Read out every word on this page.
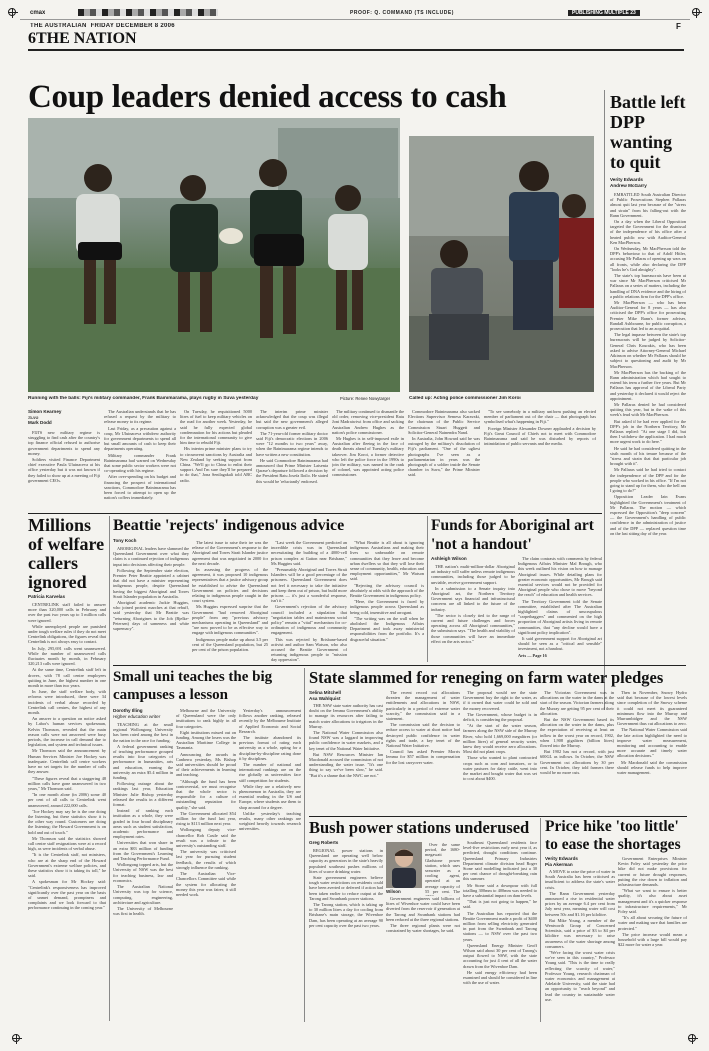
cmax	PROOF: Q. COMMAND (TS INCLUDE)	PUBLISHING MULTIPLE 23
THE AUSTRALIAN FRIDAY DECEMBER 8 2006	F
6THE NATION
Coup leaders denied access to cash
Running with the balls: Fiji's military commander, Frank Bainimarama, plays rugby in Suva yesterday	Picture: Renee Nowytarger	Called up: Acting police commissioner Jim Koroi
Simon Kearney
Suva
Mark Dodd

FIJI'S new military regime is struggling to find cash after the country's top finance official refused to authorise government departments to spend any money.

Soldiers visited Finance Department chief executive Paula Uluinaceva at his office yesterday but it was not known if they failed to show up at a meeting of Fiji government CEOs.

The Australian understands that he has refused a request by the military to release money to its regime.

Last Friday, as a precaution against a coup, Mr Uluinaceva withdrew authority for government departments to spend all but small amounts of cash to keep their departments operating.

Military commander Frank Bainimarama had warned on Wednesday that some public sector workers were not co-operating with his regime.

After over-spending on his budget and financing the prospect of international sanctions, Commodore Bainimarama has been forced to attempt to open up the nation's coffers immediately.

On Tuesday, he requisitioned 5000 litres of fuel to keep military vehicles on the road for another week. Yesterday, he said he fully expected global condemnation for his actions but pleaded for the international community to give him time to rebuild Fiji.

His interim prime minister plans to try to circumvent sanctions by Australia and New Zealand by seeking support from China. "We'll go to China to enlist their support. And I'm sure they'll be prepared to do that," Jona Senilagakali told ABC radio.

The interim prime minister acknowledged that the coup was illegal but said the new government's alleged corruption was a greater evil.

The 71-year-old former military doctor said Fiji's democratic elections in 2006 were "12 months to two years" away, when the Bainimarama regime intends to have written a new constitution.

He said Commodore Bainimarama had announced that Prime Minister Laisenia Qarase's departure followed a decision by the President Ratu Josefa Iloilo. He stated this would be 'reluctantly' endorsed.

The military continued to dismantle the old order, removing vice-president Ratu Joni Madraiwiwi from office and sacking Australian Andrew Hughes as the nation's police commissioner.

Mr Hughes is in self-imposed exile in Australian after fleeing in the face of death threats ahead of Tuesday's military takeover. Jim Koroi, a former detective who left the police force in the 1990s to join the military, was named in the rank of colonel, was appointed acting police commissioner.

Commodore Bainimarama also sacked Elections Supervisor Semesa Karavaki, the chairman of the Public Service Commission Stuart Huggett and Solicitor-General Nainendra Nand.

In Australia, John Howard said he was outraged by the military's dissolution of Fiji's parliament. "One of the ugliest photographs I've seen as a parliamentarian in years was the photograph of a soldier inside the Senate chamber in Suva," the Prime Minister said.

"To see somebody in a military uniform pushing an elected member of parliament out of the chair — that photograph has symbolised what's happening in Fiji."

Foreign Minister Alexander Downer applauded a decision by Fiji's Great Council of Chiefs not to meet with Commodore Bainimarama and said he was disturbed by reports of intimidation of public servants and the media.

Battle left DPP wanting to quit
Verity Edwards
Andrew McGarry

EMBATTLED South Australian Director of Public Prosecutions Stephen Pallaras almost quit last year because of the "stress and strain" from his falling-out with the Rann Government.

On a day when the Liberal Opposition targeted the Government for the dismissal of the independence of his office after a heated public row with Auditor-General Ken MacPherson.

On Wednesday, Mr MacPherson told the DPP's behaviour to that of Adolf Hitler, accusing Mr Pallaras of opening up wars on all fronts, while also declaring the DPP "looks he's God almighty".

The state's top bureaucrats have been at war since Mr MacPherson criticised Mr Pallaras on a series of matters, including the handling of DNA evidence and the hiring of a public relations firm for the DPP's office.

Mr MacPherson — who has been Auditor-General for 8 years — has also criticised the DPP's office for prosecuting Premier Mike Rann's former adviser, Randall Ashbourne, for public corruption, a prosecution that led to an acquittal.

The legal impasse between the state's top bureaucrats will be judged by Solicitor-General Chris Kourakis, who has been asked to advise Attorney-General Michael Atkinson on whether Mr Pallaras should be subject to questioning and audit by Mr MacPherson.

Mr MacPherson has the backing of the Rann administration which had sought to extend his term a further five years. But Mr Pallaras has approval of the Liberal Party and yesterday it declared it would reject the appointment.

Mr Pallaras denied he had considered quitting this year, but in the wake of this week's feud with Mr MacPherson.

But asked if he had ever applied for the DPP's job in the Northern Territory, Mr Pallaras replied: "At one stage I did, but then I withdrew the application. I had much more urgent work to do here."

He said he had considered quitting in the sixth month of his tenure because of the "stress and strain that that particular job brought with it".

Mr Pallaras said he had tried to contact the independence of the DPP and for the people who worked in his office. "If I'm not going to stand up for them, who the hell am I going to do?"

Opposition Leader Iain Evans highlighted the Government's treatment of Mr Pallaras. The motion — which expressed the Opposition's "deep concern" — the Government's handling of public confidence in the administration of justice and of the DPP — replaced question time on the last sitting day of the year.

Millions of welfare callers ignored
Patricia Karvelas

CENTRELINK staff failed to answer more than 320,000 calls in February and over the past two years up to 3 million calls were ignored.

While unemployed people are punished under tough welfare rules if they do not meet Centrelink obligations, the figures reveal that Centrelink is not always easy to contact.

In July, 295,691 calls went unanswered. While the number of unanswered calls fluctuates month by month, in February 320,213 calls were ignored.

At the same time, Centrelink staff left in droves, with 78 call centre employees quitting in June, the highest number in one month in more than two years.

In June, the staff welfare body, with reforms were introduced, there were 34 incidents of verbal abuse recorded by Centrelink call centres, the highest of any month.

An answer to a question on notice asked by Labor's human services spokesman, Kelvin Thomson, revealed that the main reason calls were not answered were busy periods, the increase in call demand due to legislation, and system and technical issues.

Mr Thomson said the announcement by Human Services Minister Joe Hockey was inadequate. Centrelink call centre workers have no set targets for the number of calls they answer.

"These figures reveal that a staggering 48 million calls have gone unanswered in two years," Mr Thomson said.

"In one month alone (in 2006) some 40 per cent of all calls to Centrelink went unanswered, around 222,000 calls.

"Joe Hockey may say he is the one doing the listening, but these statistics show it is the other way round. Customers are doing the listening; the Howard Government is on hold and out of touch."

Mr Thomson said the statistics showed call centre staff resignations were at a record high, as were incidents of verbal abuse.

"It is the Centrelink staff, not ministers, who are at the sharp end of the Howard Government's extreme welfare policies, and these statistics show it is taking its toll," he said.

A spokesman for Mr Hockey said: "Centrelink's responsiveness has improved significantly over the past year on the basis of unmet demand, promptness and complaints and we look forward to that performance continuing in the coming year."

Beattie 'rejects' indigenous advice
Tony Koch

ABORIGINAL leaders have slammed the Queensland Government over what they claim is a continued rejection of indigenous input into decisions affecting their people.

Following the September state election, Premier Peter Beattie appointed a cabinet that did not have a minister representing indigenous people, despite Queensland having the biggest Aboriginal and Torres Strait Islander population in Australia.

Aboriginal academic Jackie Huggins, who joined protest marches at that rebuff, said yesterday that Mr Beattie was "returning Aborigines to the Job (Bjelke-Petersen) days of sameness and white supremacy".

The latest issue to raise their ire was the release of the Government's response to the Aboriginal and Torres Strait Islander justice agreement that was negotiated in 2000 for the next decade.

In assessing the progress of the agreement, it was proposed 10 indigenous representatives that a justice advisory group be established to advise the Queensland Government on policies and decisions relating to indigenous people caught in the court system.

Ms Huggins expressed surprise that the Government "had removed Aboriginal people" from any "previous advisory mechanisms operating in Queensland" and "are now proved to be as effective way to engage with indigenous communities".

Indigenous people make up about 3.5 per cent of the Queensland population, but 25 per cent of the prison population.

"Last week the Government predicted an incredible crisis was in Queensland necessitating the building of a 4000-cell prison complex at Gatton near Brisbane," Ms Huggins said.

"Presumably Aboriginal and Torres Strait Islanders will be a good percentage of the prisoners. Queensland Government does not feel it necessary to take the initiative and keep them out of prison, but build more prisons — it's just a wonderful response, isn't it."

Government's rejection of the advisory council included a stipulation that "negotiation tables and mainstream social policy" remain a "vital" mechanism for co-ordination of indigenous and community engagement.

This was rejected by Brisbane-based activist and author Sam Watson, who also accused the Beattie Government of returning indigenous people to "mission day oppression".

"What Beattie is all about is ignoring indigenous Australians and making their lives so unbearable on remote communities that they leave and become urban dwellers so that they will lose their sense of community, health, education and employment opportunities," Mr Watson said.

"Rejecting the advisory council is absolutely at odds with the approach of the Beattie Government in indigenous policy.

"Here, the Government is faced by indigenous people across Queensland as being cold, insensitive and arrogant.

"The writing was on the wall when he abolished the Indigenous Affairs Department and took away ministerial responsibilities from the portfolio. It's a disgraceful situation."

Funds for Aboriginal art 'not a handout'
Ashleigh Wilson

THE nation's multi-million-dollar Aboriginal art industry will suffer unless remote indigenous communities, including those judged to be unviable, receive government support.

In a submission to a Senate inquiry into Aboriginal art, the Northern Territory Government says financial and infrastructural concerns are all linked to the future of the industry.

"The sector is closely tied to the range of current and future challenges and forces operating across all Aboriginal communities," the submission says. "The health and viability of those communities will have an immediate effect on the arts sector."

The claim contrasts with comments by federal Indigenous Affairs Minister Mal Brough, who this week outlined his vision on how to manage Aboriginal issues. While detailing plans for greater economic opportunities, Mr Brough said essential services would not be provided for Aboriginal people who chose to move "beyond the reach" of education and health services.

The Territory Government told the Senate committee, established after The Australian highlighted claims of unscrupulous "carpetbaggers" and commented on the high proportion of Aboriginal artists living in remote communities, that "any decline would have a significant policy implication".

It said government support for Aboriginal art should be seen as a "critical and sensible" investment, not a handout.

Arts — Page 16

Small uni teaches the big campuses a lesson
Dorothy Illing
Higher education writer

TEACHING at the small regional Wollongong University has been rated among the best in the nation in the race for funding.

A federal government ranking of teaching performance grouped results into four categories of performance in humanities, arts and education, earning the university an extra $5.4 million in funding.

Following outrage about the rankings last year, Education Minister Julie Bishop yesterday released the results in a different format.

Instead of ranking each institution as a whole, they were graded in four broad disciplinary areas such as student satisfaction, academic performance and employment rates.

Universities that won share in an extra $83 million of funding from the Government's Learning and Teaching Performance Fund.

Wollongong topped arts, but the University of NSW was the best for teaching business, law and economics.

The Australian National University was top for science, computing, engineering, architecture and agriculture.

The University of Melbourne was first in health.

Melbourne and the University of Queensland were the only institutions to rank highly in all four categories.

Eight institutions missed out on funding. Among the losers was the Australian Maritime College in Tasmania.

Announcing the awards in Canberra yesterday, Ms Bishop said universities should be proud of their achievements in learning and teaching.

"Although the fund has been controversial, we must recognise that the whole sector is responsible for a culture of outstanding reputation for quality," she said.

The Government allocated $54 million for the fund last year, rising to $113 million next year.

Wollongong deputy vice-chancellor Rob Castle said the result was a tribute to the university's outstanding staff.

The university was criticised last year for pursuing student feedback, the results of which strongly influence the ranking.

The Australian Vice-Chancellors Committee said while the system for allocating the money this year was fairer, it still needed work.

Yesterday's announcement follows another ranking, released recently by the Melbourne Institute of Applied Economic and Social Research.

The institute abandoned its previous format of rating each university as a whole, opting for a discipline-by-discipline rating done it by disciplines.

The number of national and international rankings are on the rise globally as universities face stiff competition for students.

While they are a relatively new phenomenon in Australia, they are essential reading in the US and Europe, where students use them to shop around for a degree.

Unlike yesterday's teaching results, many other rankings are weighted heavily towards research universities.

State slammed for reneging on farm water pledges
Selina Mitchell
Asa Wahlquist

THE NSW state water authority has cast doubt on the Iemma Government's ability to manage its resources after failing to match water allocations to irrigators in the Murray.

The National Water Commission also found NSW was a laggard in improving public confidence in water markets, and a key tenet of the National Water Initiative.

But NSW Resources Minister Ian Macdonald accused the commission of not understanding the water issue. "It's one thing to say we've been slow," he said. "But it's a shame that the NWC are not."

The recent record cut allocations threaten the management of water entitlements and allocations in NSW, particularly in a period of extreme water scarcity," the commission said in a statement.

The commission said the decision to reduce access to water at short notice had destroyed public confidence in water rights and trade, a key tenet of the National Water Initiative.

Council has asked Premier Morris Iemma for $57 million in compensation for the lost carryover water.

The proposal would see the state Government buy the right to the water, as if it owned that water could be sold and the money recovered.

The Government, whose budget is in deficit, is considering the proposal.

"At the start of the water season, farmers along the NSW side of the Murray River, who hold 1,669,000 megalitres (or million litres) of general security water, knew they would receive zero allocations. Most did not plant crops.

Those who wanted to plant contracted crops such as corn and tomatoes, or to water pastures for dairy cattle, went into the market and bought water that was set to cost about $400.

The Victorian Government was in allocations on the water in the dams at the start of the season. Victorian farmers along the Murray are getting 95 per cent of their allocation.

But the NSW Government based its allocation on the water in the dams, plus the expectation of receiving at least an inflow in the worst year on record, 1902, when 1,908 gigalitres (billion litres) flowed into the Murray.

But 1902 has not a record, with just 600GL as inflows. In October, the NSW Government cut allocations by 30 per cent. In October, they told farmers there would be no more cuts.

Then in November, Snowy Hydro said that because of the lowest levels since completion of the Snowy scheme it could not meet its guaranteed minimum flow into the Murray and Murrumbidgee and the NSW Government thus cut allocations to zero.

The National Water Commission said the late action highlighted the need to improve water measurement, monitoring and accounting to enable more accurate and timely water allocation decisions."

Mr Macdonald said the commission should release funds to help improve water management.

Bush power stations underused
Greg Roberts

REGIONAL power stations in Queensland are operating well below capacity as generators in the state's heavily populated southeast pushes millions of litres of scarce drinking water.

State government engineers believe tough water restrictions on residents could have been averted or deferred if action had been taken earlier to reduce output at the Tarong and Swanbank power stations.

The Tarong station, which is taking up to 30 million litres a day for cooling from Brisbane's main storage, the Wivenhoe Dam, has been operating at an average 90 per cent capacity over the past two years.

Wilson

Over the same period, the 1680-megawatt Gladstone power station, which uses seawater as a cooling agent, operated at an average capacity of 55 per cent. The

Government engineers said billions of litres of Wivenhoe water could have been diverted from the reservoir if generation at the Tarong and Swanbank stations had been reduced at the three regional stations.

The three regional plants were not constrained by water shortages, he said.

Southeast Queensland residents face level-five restrictions early next year if, as predicted, drought conditions continue. Queensland Primary Industries Department climate division head Roger Stone said modelling indicated just a 30 per cent chance of drought-breaking rain this summer.

Mr Stone said a downpour with full totalling 300mm to 400mm was needed to have a substantial impact on dam levels.

"That is just not going to happen," he said.

The Australian has reported that the Beattie Government made a profit of $400 million from selling electricity generated in part from the Swanbank and Tarong stations — to NSW over the past two years.

Queensland Energy Minister Geoff Wilson said about 30 per cent of Tarong's output flowed to NSW, with the state accounting for just 4 cent of all the water drawn from the Wivenhoe Dam.

He said energy efficiency had been examined and should be considered in line with the use of water.

Price hike 'too little' to ease the shortages
Verity Edwards
Pia Akerman

A MOVE to raise the price of water in South Australia has been criticised as insufficient to address the state's water crisis.

The Rann Government yesterday announced a rise in residential water prices by an average 6.4 per cent from July next year, meaning water will cost between 50c and $1.16 per kilolitre.

But Mike Young, a member of the Wentworth Group of Concerned Scientists, said a price of $3 to $4 per kilolitre was necessary to raise awareness of the water shortage among consumers.

"We're facing the worst water crisis we've seen in this country," Professor Young said. "This is the time to really reflecting the scarcity of water," Professor Young, research chairman of water economics and management at Adelaide University, said the state had an opportunity to "reach beyond" and lead the country in sustainable water use.

Government Enterprises Minister Kevin Foley said yesterday the price hike did not make provisions for current or future drought responses, putting the rise down to inflation and infrastructure demands.

"What we want to ensure is better quality, it's also about asset management and it's a quicker response to infrastructure requirements," Mr Foley said.

"It's all about securing the future of water and making sure that families are protected."

The price increase would mean a household with a large bill would pay $22 more for water a year.
